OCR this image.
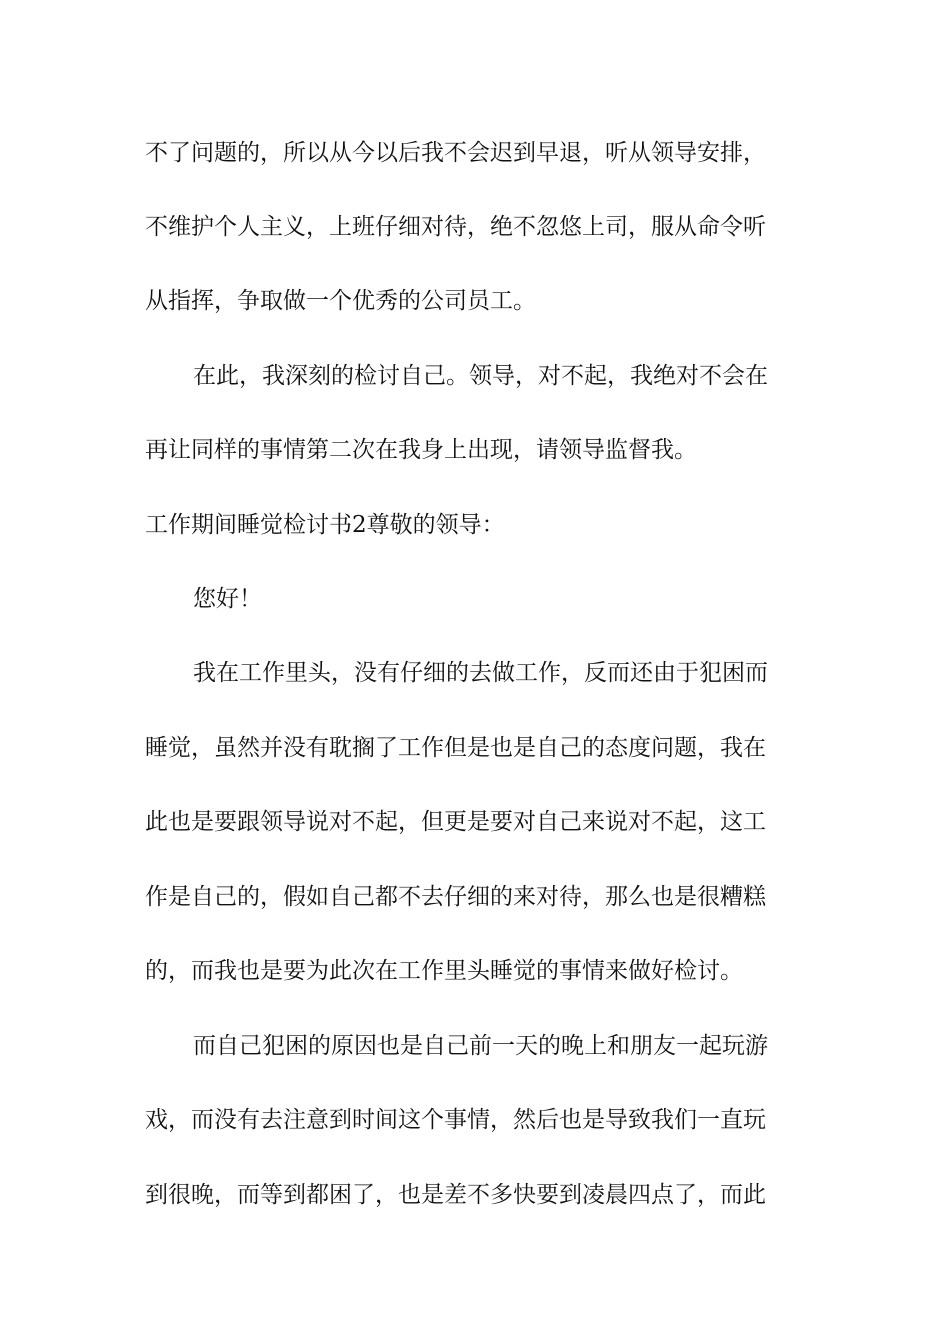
不了问题的，所以从今以后我不会迟到早退，听从领导安排，
不维护个人主义，上班仔细对待，绝不忽悠上司，服从命令听
从指挥，争取做一个优秀的公司员工。
在此，我深刻的检讨自己。领导，对不起，我绝对不会在
再让同样的事情第二次在我身上出现，请领导监督我。
工作期间睡觉检讨书2尊敬的领导：
您好！
我在工作里头，没有仔细的去做工作，反而还由于犯困而
睡觉，虽然并没有耽搁了工作但是也是自己的态度问题，我在
此也是要跟领导说对不起，但更是要对自己来说对不起，这工
作是自己的，假如自己都不去仔细的来对待，那么也是很糟糕
的，而我也是要为此次在工作里头睡觉的事情来做好检讨。
而自己犯困的原因也是自己前一天的晚上和朋友一起玩游
戏，而没有去注意到时间这个事情，然后也是导致我们一直玩
到很晚，而等到都困了，也是差不多快要到凌晨四点了，而此
